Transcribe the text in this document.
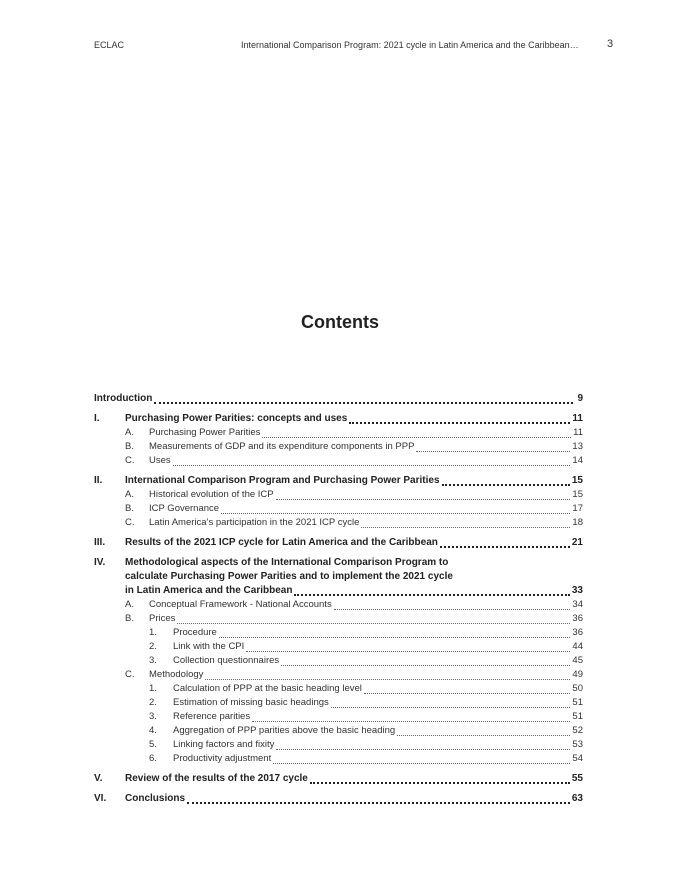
ECLAC	International Comparison Program: 2021 cycle in Latin America and the Caribbean…	3
Contents
Introduction	9
I.	Purchasing Power Parities: concepts and uses	11
A.	Purchasing Power Parities	11
B.	Measurements of GDP and its expenditure components in PPP	13
C.	Uses	14
II.	International Comparison Program and Purchasing Power Parities	15
A.	Historical evolution of the ICP	15
B.	ICP Governance	17
C.	Latin America’s participation in the 2021 ICP cycle	18
III.	Results of the 2021 ICP cycle for Latin America and the Caribbean	21
IV.	Methodological aspects of the International Comparison Program to
calculate Purchasing Power Parities and to implement the 2021 cycle
in Latin America and the Caribbean	33
A.	Conceptual Framework - National Accounts	34
B.	Prices	36
1.	Procedure	36
2.	Link with the CPI	44
3.	Collection questionnaires	45
C.	Methodology	49
1.	Calculation of PPP at the basic heading level	50
2.	Estimation of missing basic headings	51
3.	Reference parities	51
4.	Aggregation of PPP parities above the basic heading	52
5.	Linking factors and fixity	53
6.	Productivity adjustment	54
V.	Review of the results of the 2017 cycle	55
VI.	Conclusions	63
